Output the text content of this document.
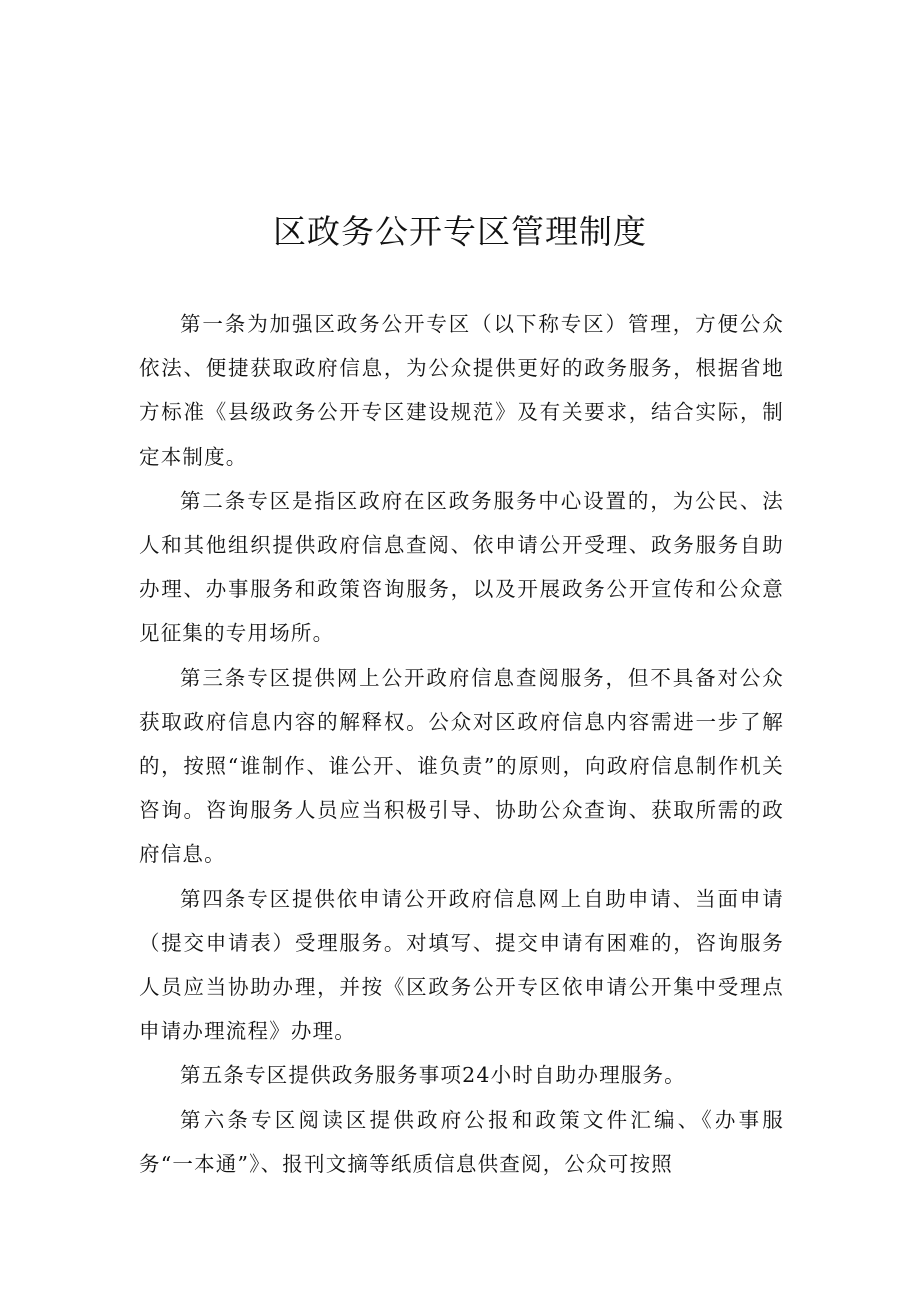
区政务公开专区管理制度

第一条为加强区政务公开专区（以下称专区）管理，方便公众依法、便捷获取政府信息，为公众提供更好的政务服务，根据省地方标准《县级政务公开专区建设规范》及有关要求，结合实际，制定本制度。

第二条专区是指区政府在区政务服务中心设置的，为公民、法人和其他组织提供政府信息查阅、依申请公开受理、政务服务自助办理、办事服务和政策咨询服务，以及开展政务公开宣传和公众意见征集的专用场所。

第三条专区提供网上公开政府信息查阅服务，但不具备对公众获取政府信息内容的解释权。公众对区政府信息内容需进一步了解的，按照“谁制作、谁公开、谁负责”的原则，向政府信息制作机关咨询。咨询服务人员应当积极引导、协助公众查询、获取所需的政府信息。

第四条专区提供依申请公开政府信息网上自助申请、当面申请（提交申请表）受理服务。对填写、提交申请有困难的，咨询服务人员应当协助办理，并按《区政务公开专区依申请公开集中受理点申请办理流程》办理。

第五条专区提供政务服务事项24小时自助办理服务。

第六条专区阅读区提供政府公报和政策文件汇编、《办事服务“一本通”》、报刊文摘等纸质信息供查阅，公众可按照
